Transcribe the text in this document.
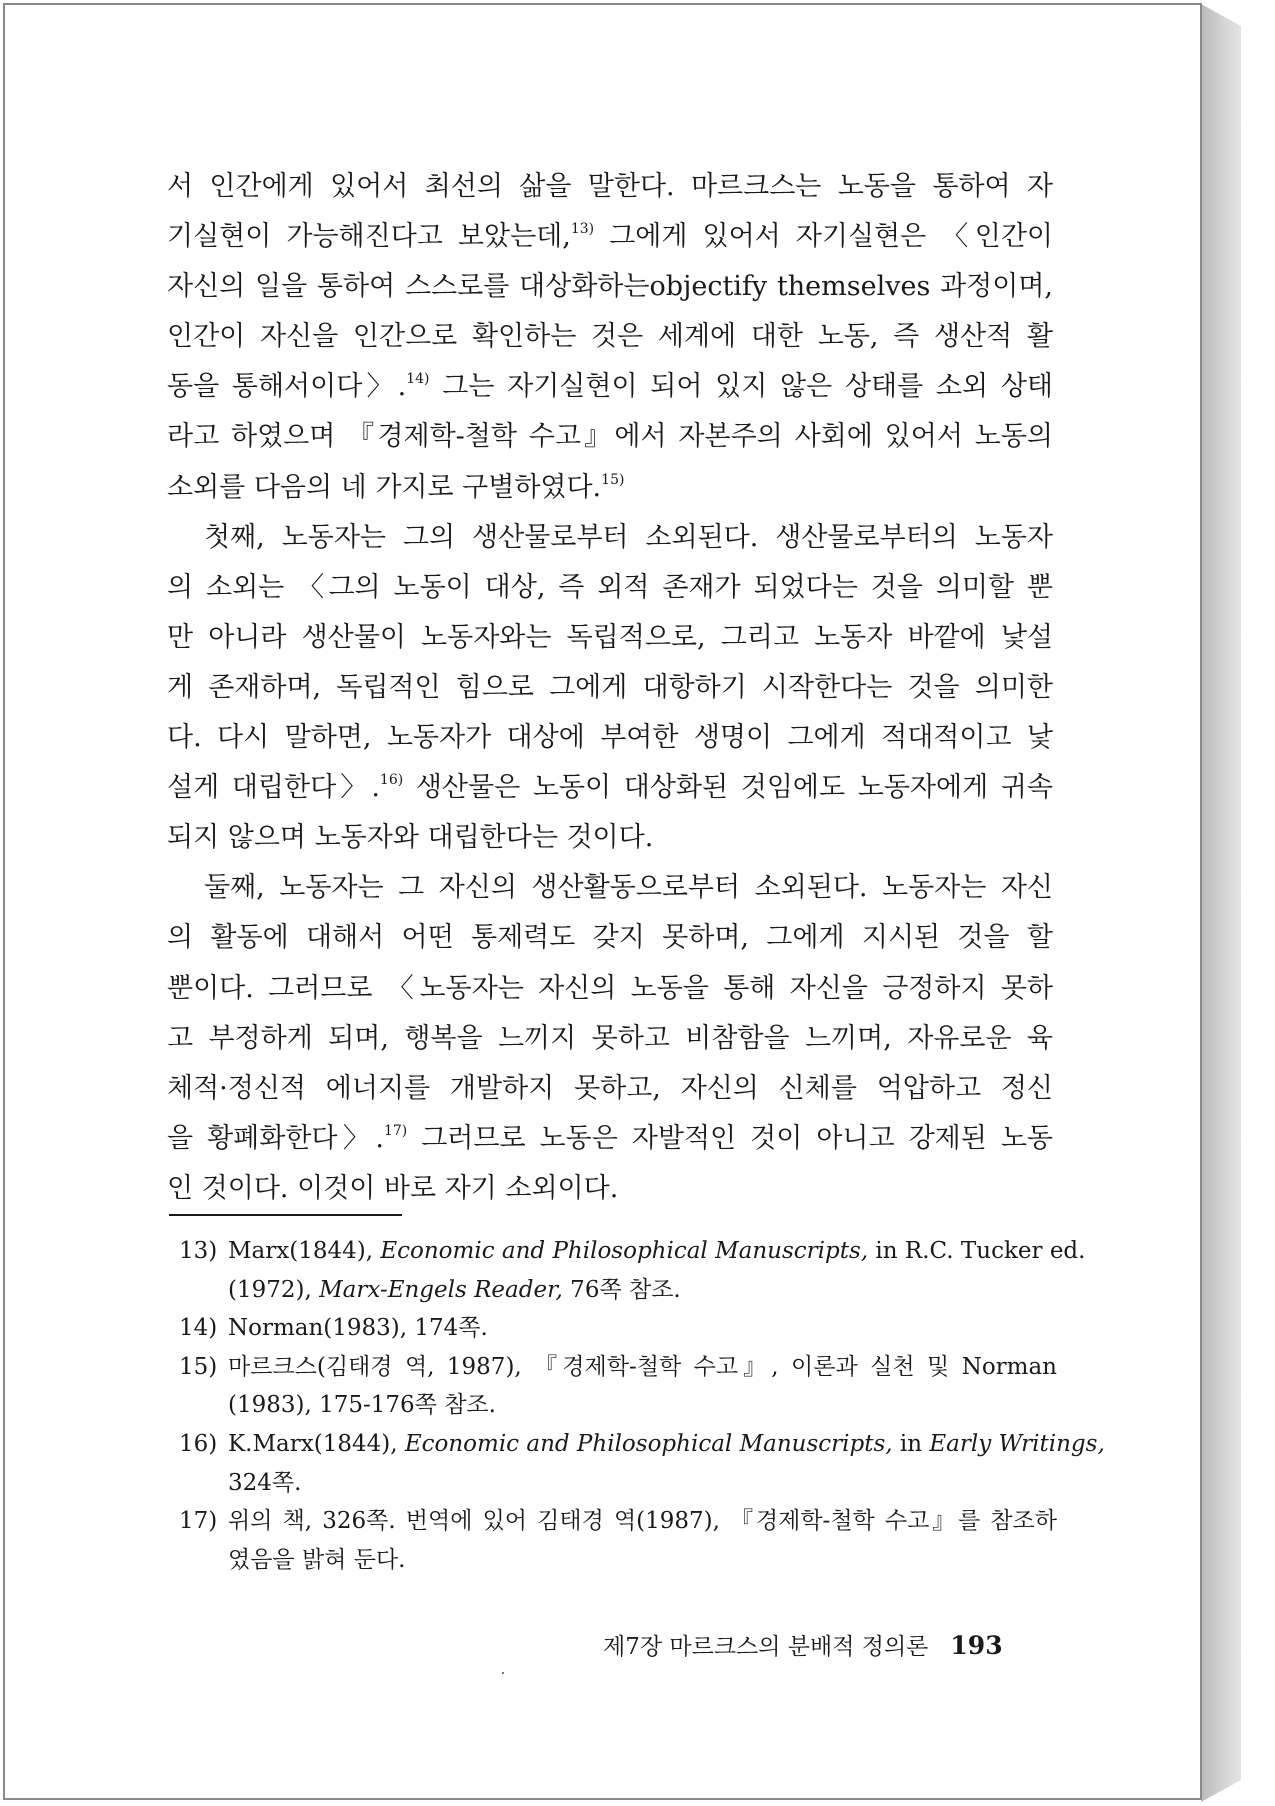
서 인간에게 있어서 최선의 삶을 말한다. 마르크스는 노동을 통하여 자
기실현이 가능해진다고 보았는데,$^{13)}$ 그에게 있어서 자기실현은 〈인간이
자신의 일을 통하여 스스로를 대상화하는objectify themselves 과정이며,
인간이 자신을 인간으로 확인하는 것은 세계에 대한 노동, 즉 생산적 활
동을 통해서이다〉.$^{14)}$ 그는 자기실현이 되어 있지 않은 상태를 소외 상태
라고 하였으며 『경제학-철학 수고』에서 자본주의 사회에 있어서 노동의
소외를 다음의 네 가지로 구별하였다.$^{15)}$
첫째, 노동자는 그의 생산물로부터 소외된다. 생산물로부터의 노동자
의 소외는 〈그의 노동이 대상, 즉 외적 존재가 되었다는 것을 의미할 뿐
만 아니라 생산물이 노동자와는 독립적으로, 그리고 노동자 바깥에 낯설
게 존재하며, 독립적인 힘으로 그에게 대항하기 시작한다는 것을 의미한
다. 다시 말하면, 노동자가 대상에 부여한 생명이 그에게 적대적이고 낯
설게 대립한다〉.$^{16)}$ 생산물은 노동이 대상화된 것임에도 노동자에게 귀속
되지 않으며 노동자와 대립한다는 것이다.
둘째, 노동자는 그 자신의 생산활동으로부터 소외된다. 노동자는 자신
의 활동에 대해서 어떤 통제력도 갖지 못하며, 그에게 지시된 것을 할
뿐이다. 그러므로 〈노동자는 자신의 노동을 통해 자신을 긍정하지 못하
고 부정하게 되며, 행복을 느끼지 못하고 비참함을 느끼며, 자유로운 육
체적·정신적 에너지를 개발하지 못하고, 자신의 신체를 억압하고 정신
을 황폐화한다〉.$^{17)}$ 그러므로 노동은 자발적인 것이 아니고 강제된 노동
인 것이다. 이것이 바로 자기 소외이다.
13) Marx(1844), Economic and Philosophical Manuscripts, in R.C. Tucker ed.
(1972), Marx-Engels Reader, 76쪽 참조.
14) Norman(1983), 174쪽.
15) 마르크스(김태경 역, 1987), 『경제학-철학 수고』, 이론과 실천 및 Norman
(1983), 175-176쪽 참조.
16) K.Marx(1844), Economic and Philosophical Manuscripts, in Early Writings,
324쪽.
17) 위의 책, 326쪽. 번역에 있어 김태경 역(1987), 『경제학-철학 수고』를 참조하
였음을 밝혀 둔다.
제7장 마르크스의 분배적 정의론 193
